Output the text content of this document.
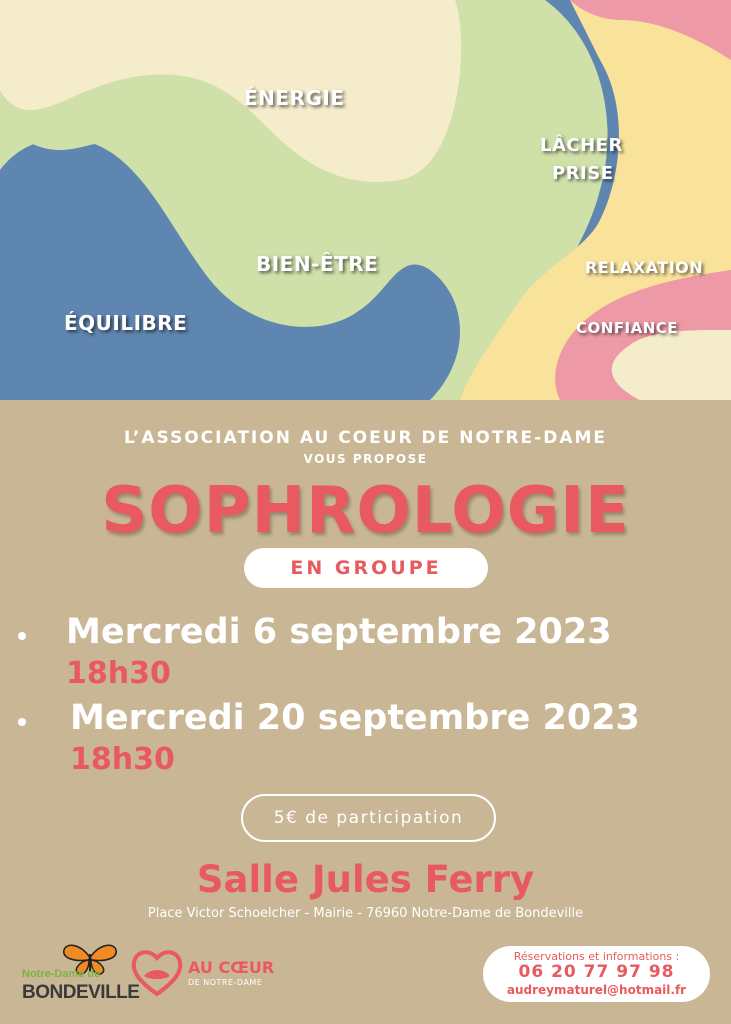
ÉNERGIE
LÂCHER
PRISE
BIEN-ÊTRE	RELAXATION
ÉQUILIBRE	CONFIANCE
L’ASSOCIATION AU COEUR DE NOTRE-DAME
VOUS PROPOSE
SOPHROLOGIE
EN GROUPE
Mercredi 6 septembre 2023
18h30
Mercredi 20 septembre 2023
18h30
5€ de participation
Salle Jules Ferry
Place Victor Schoelcher - Mairie - 76960 Notre-Dame de Bondeville
Notre-Dame de
BONDEVILLE
AU CŒUR
DE NOTRE-DAME
Réservations et informations :
06 20 77 97 98
audreymaturel@hotmail.fr
